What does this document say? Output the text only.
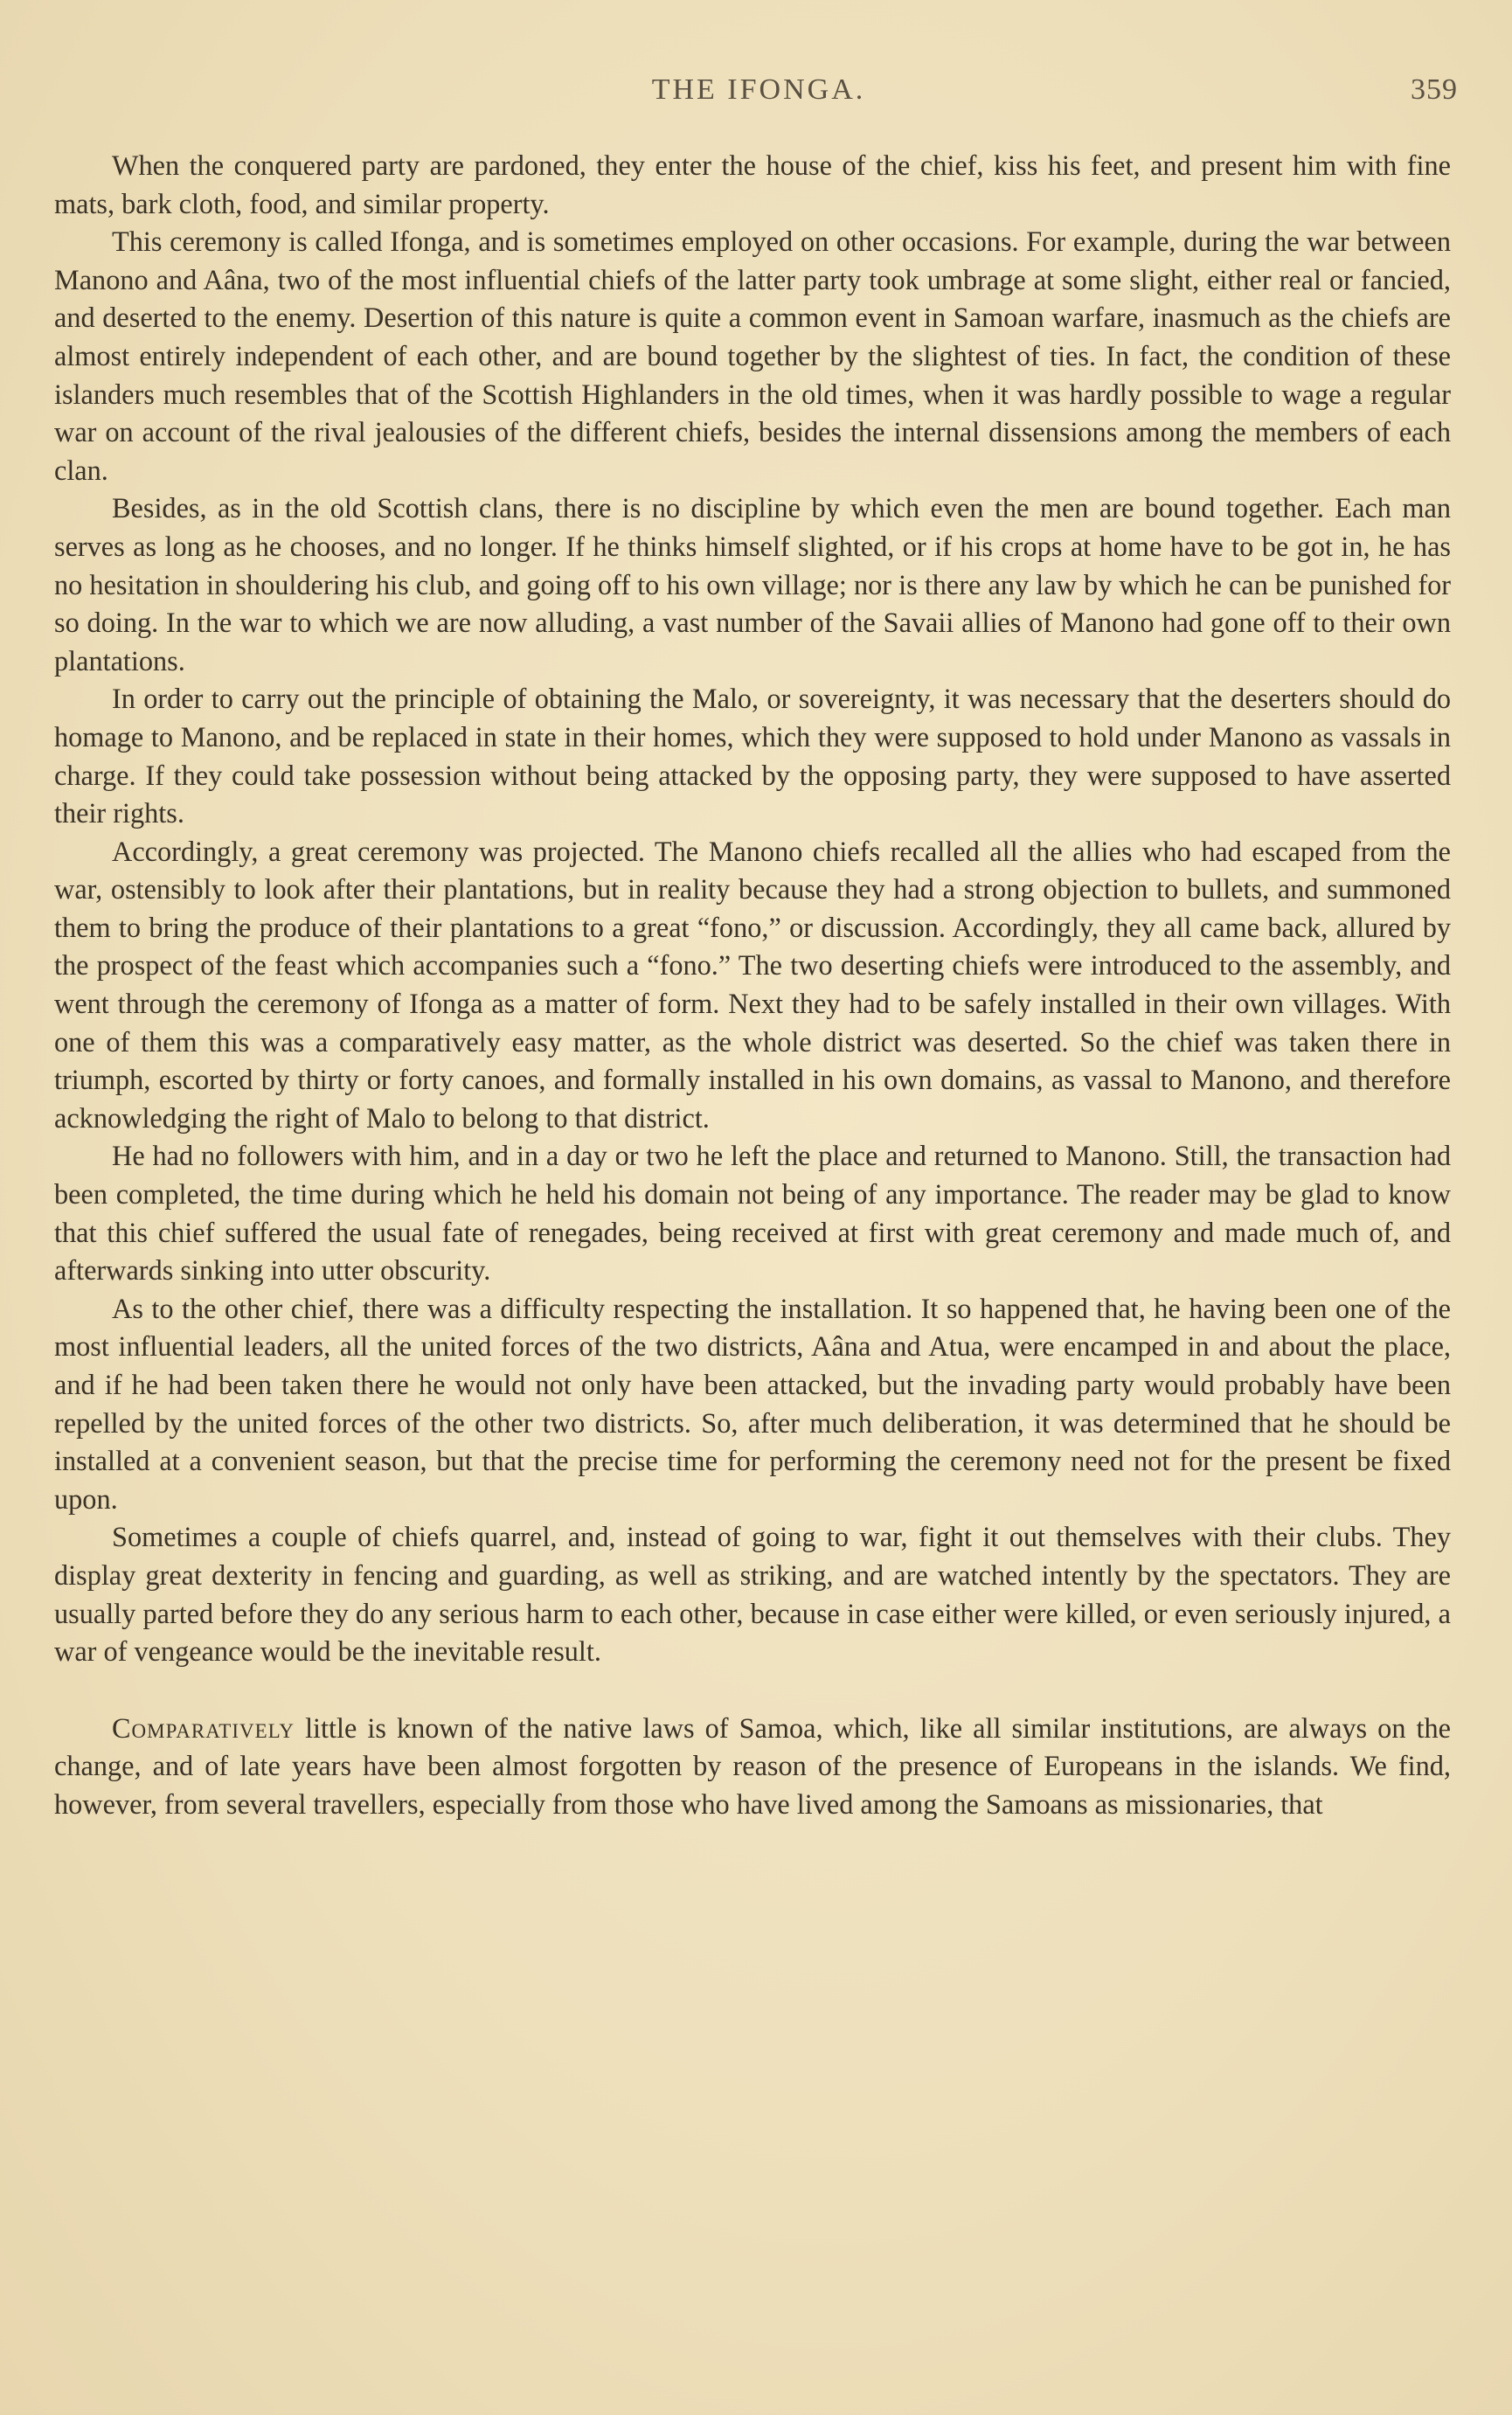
THE IFONGA.	359

When the conquered party are pardoned, they enter the house of the chief, kiss his feet, and present him with fine mats, bark cloth, food, and similar property.

This ceremony is called Ifonga, and is sometimes employed on other occasions. For example, during the war between Manono and Aâna, two of the most influential chiefs of the latter party took umbrage at some slight, either real or fancied, and deserted to the enemy. Desertion of this nature is quite a common event in Samoan warfare, inasmuch as the chiefs are almost entirely independent of each other, and are bound together by the slightest of ties. In fact, the condition of these islanders much resembles that of the Scottish Highlanders in the old times, when it was hardly possible to wage a regular war on account of the rival jealousies of the different chiefs, besides the internal dissensions among the members of each clan.

Besides, as in the old Scottish clans, there is no discipline by which even the men are bound together. Each man serves as long as he chooses, and no longer. If he thinks himself slighted, or if his crops at home have to be got in, he has no hesitation in shouldering his club, and going off to his own village; nor is there any law by which he can be punished for so doing. In the war to which we are now alluding, a vast number of the Savaii allies of Manono had gone off to their own plantations.

In order to carry out the principle of obtaining the Malo, or sovereignty, it was necessary that the deserters should do homage to Manono, and be replaced in state in their homes, which they were supposed to hold under Manono as vassals in charge. If they could take possession without being attacked by the opposing party, they were supposed to have asserted their rights.

Accordingly, a great ceremony was projected. The Manono chiefs recalled all the allies who had escaped from the war, ostensibly to look after their plantations, but in reality because they had a strong objection to bullets, and summoned them to bring the produce of their plantations to a great “fono,” or discussion. Accordingly, they all came back, allured by the prospect of the feast which accompanies such a “fono.” The two deserting chiefs were introduced to the assembly, and went through the ceremony of Ifonga as a matter of form. Next they had to be safely installed in their own villages. With one of them this was a comparatively easy matter, as the whole district was deserted. So the chief was taken there in triumph, escorted by thirty or forty canoes, and formally installed in his own domains, as vassal to Manono, and therefore acknowledging the right of Malo to belong to that district.

He had no followers with him, and in a day or two he left the place and returned to Manono. Still, the transaction had been completed, the time during which he held his domain not being of any importance. The reader may be glad to know that this chief suffered the usual fate of renegades, being received at first with great ceremony and made much of, and afterwards sinking into utter obscurity.

As to the other chief, there was a difficulty respecting the installation. It so happened that, he having been one of the most influential leaders, all the united forces of the two districts, Aâna and Atua, were encamped in and about the place, and if he had been taken there he would not only have been attacked, but the invading party would probably have been repelled by the united forces of the other two districts. So, after much deliberation, it was determined that he should be installed at a convenient season, but that the precise time for performing the ceremony need not for the present be fixed upon.

Sometimes a couple of chiefs quarrel, and, instead of going to war, fight it out themselves with their clubs. They display great dexterity in fencing and guarding, as well as striking, and are watched intently by the spectators. They are usually parted before they do any serious harm to each other, because in case either were killed, or even seriously injured, a war of vengeance would be the inevitable result.

Comparatively little is known of the native laws of Samoa, which, like all similar institutions, are always on the change, and of late years have been almost forgotten by reason of the presence of Europeans in the islands. We find, however, from several travellers, especially from those who have lived among the Samoans as missionaries, that
